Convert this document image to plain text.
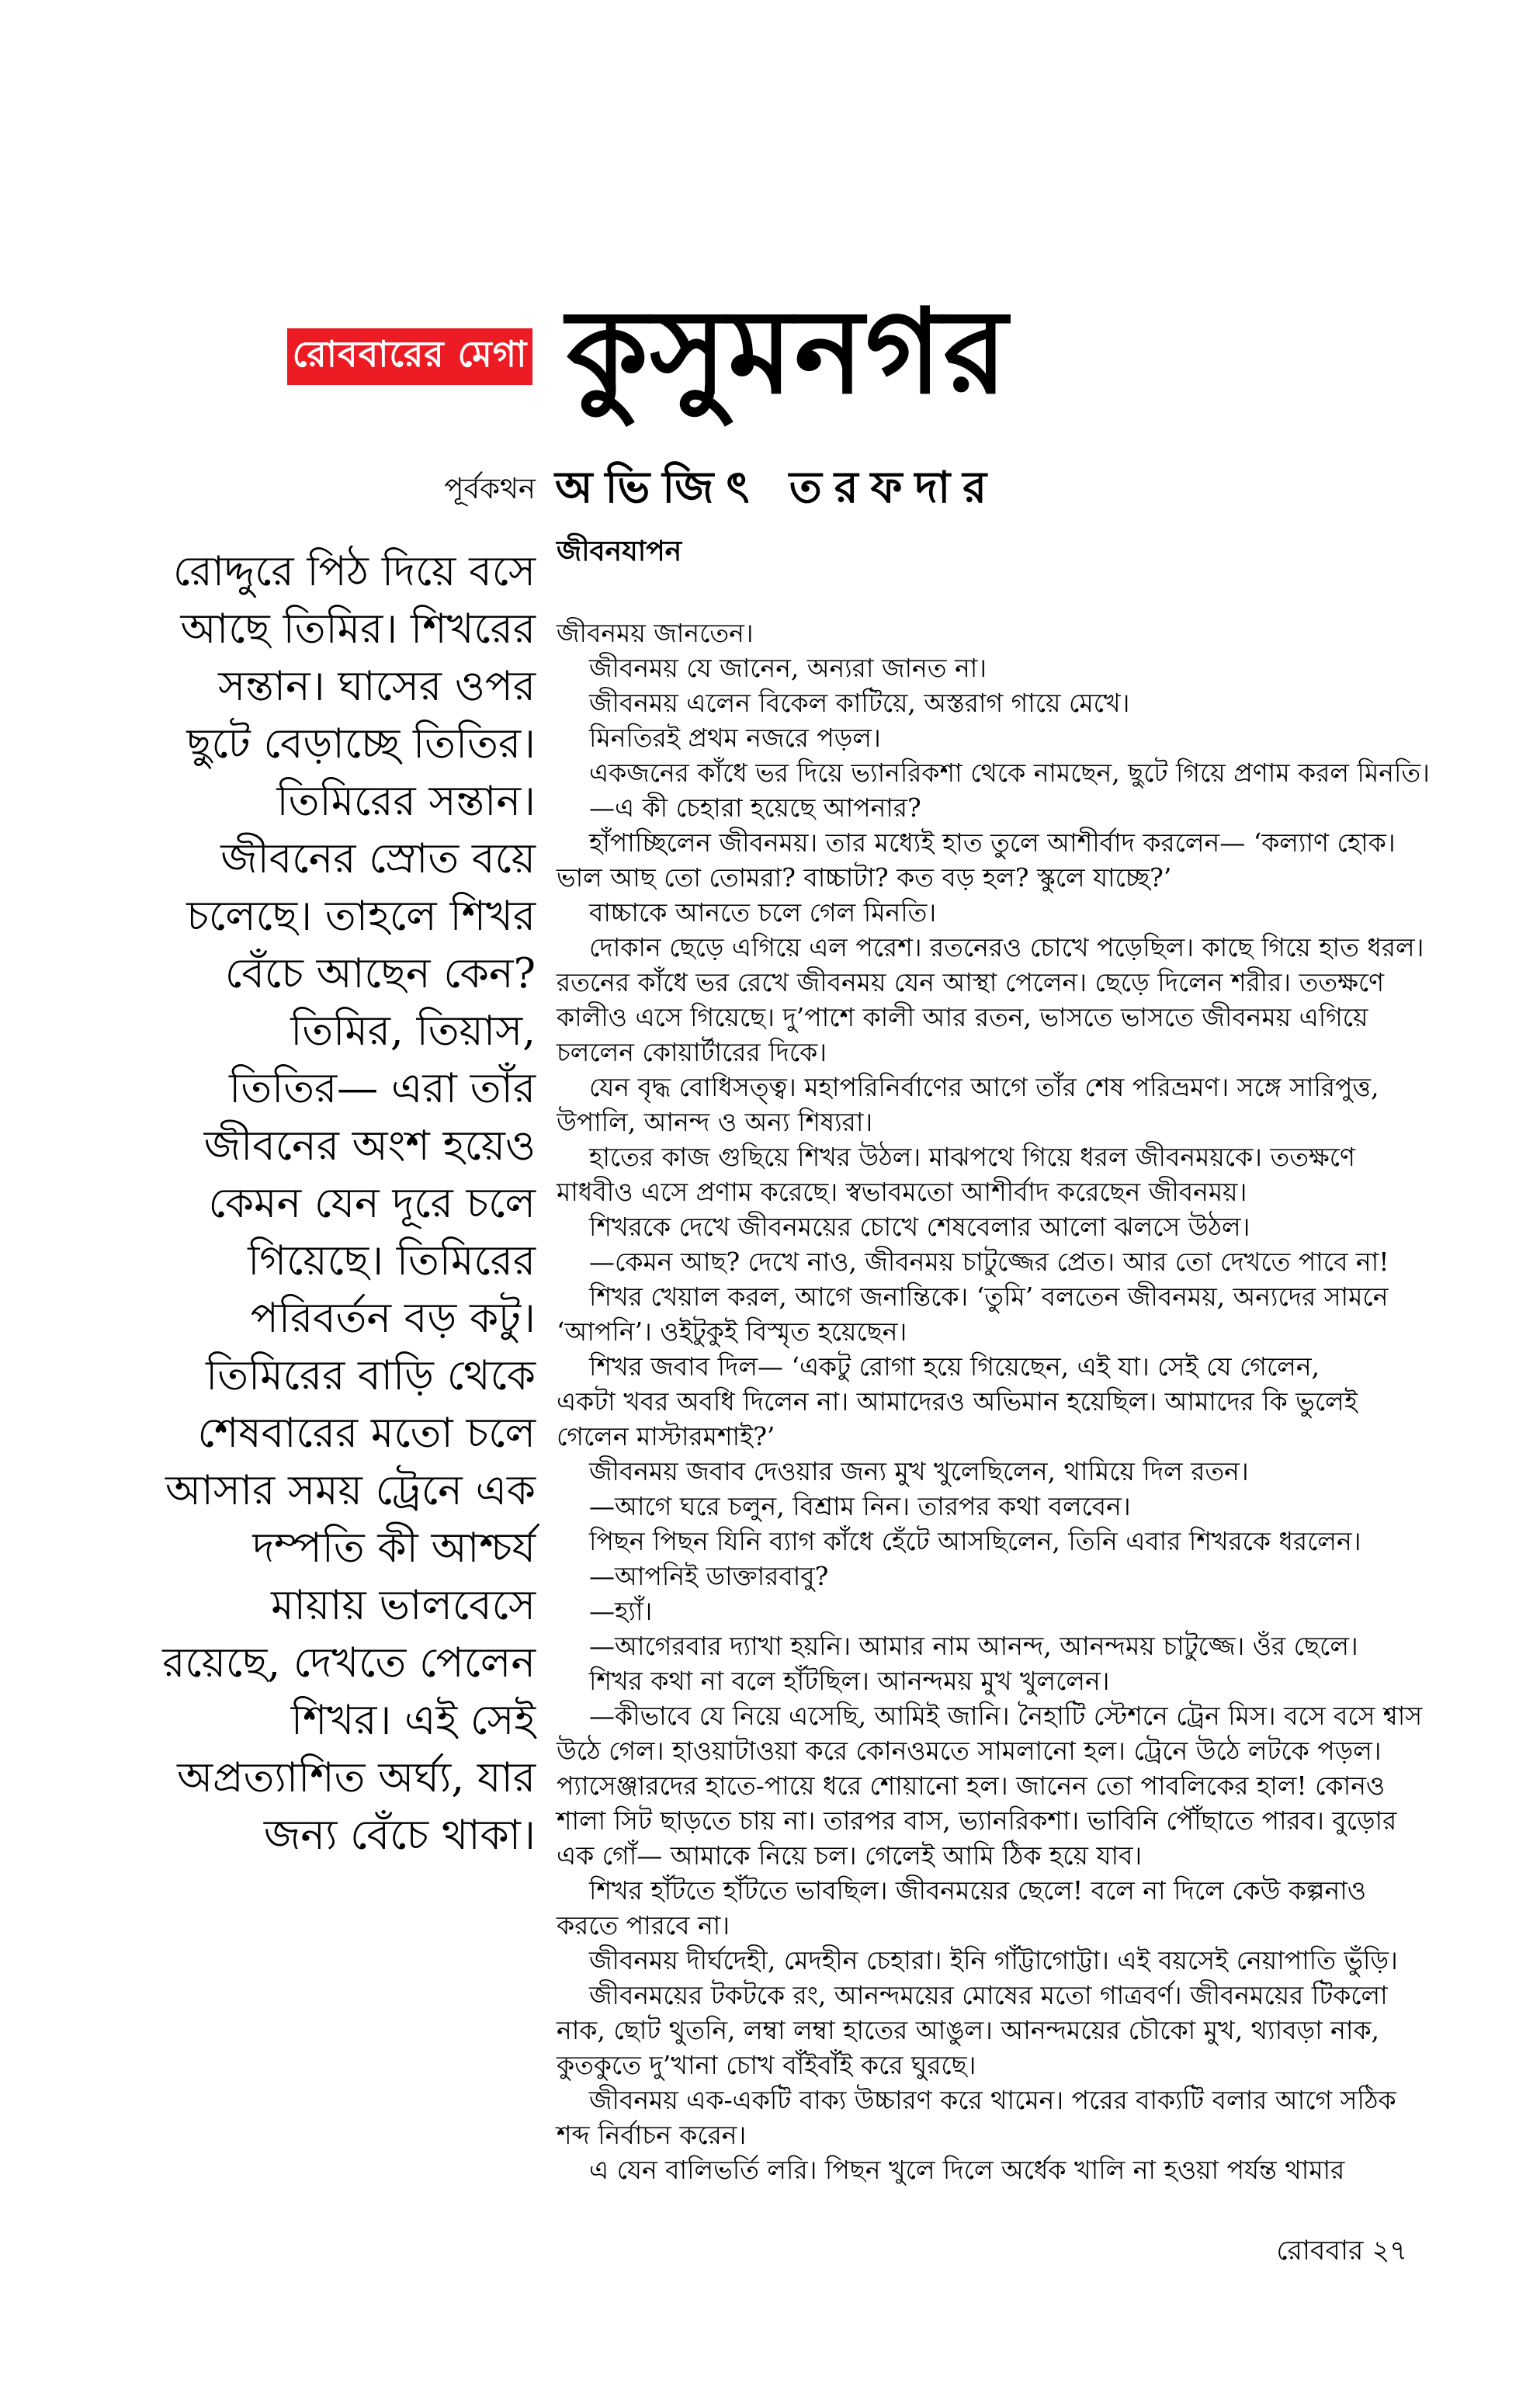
রোববারের মেগা কুসুমনগর
পূর্বকথন অভিজিৎ তরফদার
জীবনযাপন
রোদ্দুরে পিঠ দিয়ে বসে
আছে তিমির। শিখরের
সন্তান। ঘাসের ওপর
ছুটে বেড়াচ্ছে তিতির।
তিমিরের সন্তান।
জীবনের স্রোত বয়ে
চলেছে। তাহলে শিখর
বেঁচে আছেন কেন?
তিমির, তিয়াস,
তিতির— এরা তাঁর
জীবনের অংশ হয়েও
কেমন যেন দূরে চলে
গিয়েছে। তিমিরের
পরিবর্তন বড় কটু।
তিমিরের বাড়ি থেকে
শেষবারের মতো চলে
আসার সময় ট্রেনে এক
দম্পতি কী আশ্চর্য
মায়ায় ভালবেসে
রয়েছে, দেখতে পেলেন
শিখর। এই সেই
অপ্রত্যাশিত অর্ঘ্য, যার
জন্য বেঁচে থাকা।
জীবনময় জানতেন।
জীবনময় যে জানেন, অন্যরা জানত না।
জীবনময় এলেন বিকেল কাটিয়ে, অস্তরাগ গায়ে মেখে।
মিনতিরই প্রথম নজরে পড়ল।
একজনের কাঁধে ভর দিয়ে ভ্যানরিকশা থেকে নামছেন, ছুটে গিয়ে প্রণাম করল মিনতি।
—এ কী চেহারা হয়েছে আপনার?
হাঁপাচ্ছিলেন জীবনময়। তার মধ্যেই হাত তুলে আশীর্বাদ করলেন— ‘কল্যাণ হোক।
ভাল আছ তো তোমরা? বাচ্চাটা? কত বড় হল? স্কুলে যাচ্ছে?’
বাচ্চাকে আনতে চলে গেল মিনতি।
দোকান ছেড়ে এগিয়ে এল পরেশ। রতনেরও চোখে পড়েছিল। কাছে গিয়ে হাত ধরল।
রতনের কাঁধে ভর রেখে জীবনময় যেন আস্থা পেলেন। ছেড়ে দিলেন শরীর। ততক্ষণে
কালীও এসে গিয়েছে। দু’পাশে কালী আর রতন, ভাসতে ভাসতে জীবনময় এগিয়ে
চললেন কোয়ার্টারের দিকে।
যেন বৃদ্ধ বোধিসত্ত্ব। মহাপরিনির্বাণের আগে তাঁর শেষ পরিভ্রমণ। সঙ্গে সারিপুত্ত,
উপালি, আনন্দ ও অন্য শিষ্যরা।
হাতের কাজ গুছিয়ে শিখর উঠল। মাঝপথে গিয়ে ধরল জীবনময়কে। ততক্ষণে
মাধবীও এসে প্রণাম করেছে। স্বভাবমতো আশীর্বাদ করেছেন জীবনময়।
শিখরকে দেখে জীবনময়ের চোখে শেষবেলার আলো ঝলসে উঠল।
—কেমন আছ? দেখে নাও, জীবনময় চাটুজ্জের প্রেত। আর তো দেখতে পাবে না!
শিখর খেয়াল করল, আগে জনান্তিকে। ‘তুমি’ বলতেন জীবনময়, অন্যদের সামনে
‘আপনি’। ওইটুকুই বিস্মৃত হয়েছেন।
শিখর জবাব দিল— ‘একটু রোগা হয়ে গিয়েছেন, এই যা। সেই যে গেলেন,
একটা খবর অবধি দিলেন না। আমাদেরও অভিমান হয়েছিল। আমাদের কি ভুলেই
গেলেন মাস্টারমশাই?’
জীবনময় জবাব দেওয়ার জন্য মুখ খুলেছিলেন, থামিয়ে দিল রতন।
—আগে ঘরে চলুন, বিশ্রাম নিন। তারপর কথা বলবেন।
পিছন পিছন যিনি ব্যাগ কাঁধে হেঁটে আসছিলেন, তিনি এবার শিখরকে ধরলেন।
—আপনিই ডাক্তারবাবু?
—হ্যাঁ।
—আগেরবার দ্যাখা হয়নি। আমার নাম আনন্দ, আনন্দময় চাটুজ্জে। ওঁর ছেলে।
শিখর কথা না বলে হাঁটছিল। আনন্দময় মুখ খুললেন।
—কীভাবে যে নিয়ে এসেছি, আমিই জানি। নৈহাটি স্টেশনে ট্রেন মিস। বসে বসে শ্বাস
উঠে গেল। হাওয়াটাওয়া করে কোনওমতে সামলানো হল। ট্রেনে উঠে লটকে পড়ল।
প্যাসেঞ্জারদের হাতে-পায়ে ধরে শোয়ানো হল। জানেন তো পাবলিকের হাল! কোনও
শালা সিট ছাড়তে চায় না। তারপর বাস, ভ্যানরিকশা। ভাবিনি পৌঁছাতে পারব। বুড়োর
এক গোঁ— আমাকে নিয়ে চল। গেলেই আমি ঠিক হয়ে যাব।
শিখর হাঁটতে হাঁটতে ভাবছিল। জীবনময়ের ছেলে! বলে না দিলে কেউ কল্পনাও
করতে পারবে না।
জীবনময় দীর্ঘদেহী, মেদহীন চেহারা। ইনি গাঁট্টাগোট্টা। এই বয়সেই নেয়াপাতি ভুঁড়ি।
জীবনময়ের টকটকে রং, আনন্দময়ের মোষের মতো গাত্রবর্ণ। জীবনময়ের টিকলো
নাক, ছোট থুতনি, লম্বা লম্বা হাতের আঙুল। আনন্দময়ের চৌকো মুখ, থ্যাবড়া নাক,
কুতকুতে দু’খানা চোখ বাঁইবাঁই করে ঘুরছে।
জীবনময় এক-একটি বাক্য উচ্চারণ করে থামেন। পরের বাক্যটি বলার আগে সঠিক
শব্দ নির্বাচন করেন।
এ যেন বালিভর্তি লরি। পিছন খুলে দিলে অর্ধেক খালি না হওয়া পর্যন্ত থামার
রোববার ২৭
